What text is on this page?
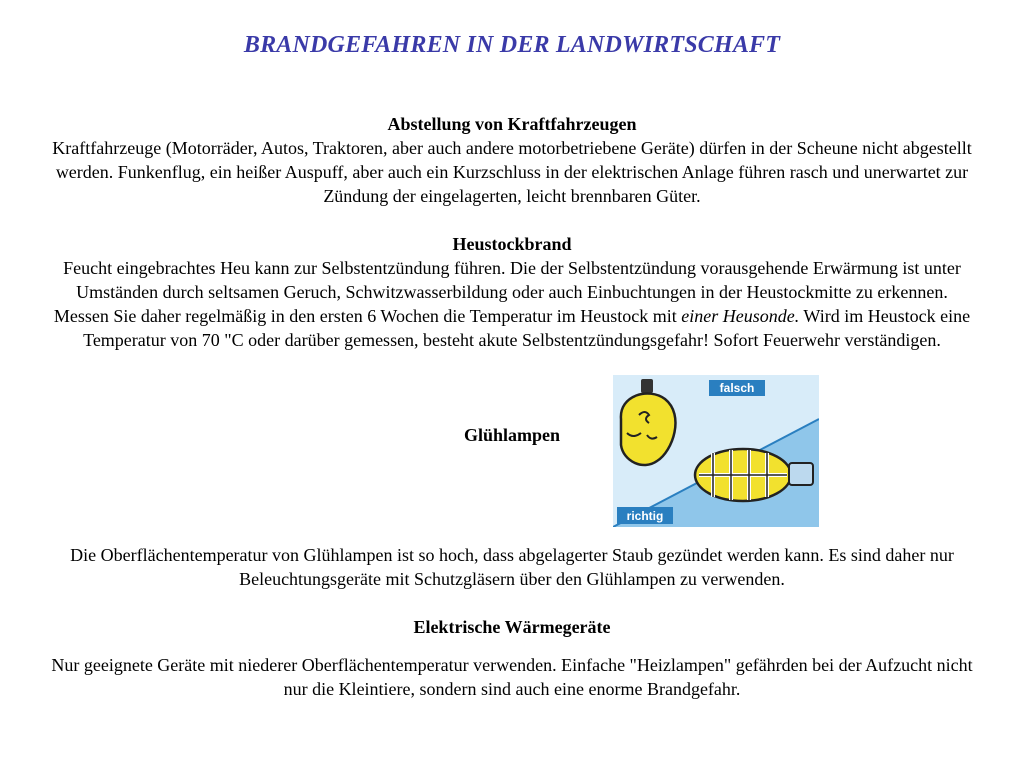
BRANDGEFAHREN IN DER LANDWIRTSCHAFT
Abstellung von Kraftfahrzeugen
Kraftfahrzeuge (Motorräder, Autos, Traktoren, aber auch andere motorbetriebene Geräte) dürfen in der Scheune nicht abgestellt werden. Funkenflug, ein heißer Auspuff, aber auch ein Kurzschluss in der elektrischen Anlage führen rasch und unerwartet zur Zündung der eingelagerten, leicht brennbaren Güter.
Heustockbrand
Feucht eingebrachtes Heu kann zur Selbstentzündung führen. Die der Selbstentzündung vorausgehende Erwärmung ist unter Umständen durch seltsamen Geruch, Schwitzwasserbildung oder auch Einbuchtungen in der Heustockmitte zu erkennen.
Messen Sie daher regelmäßig in den ersten 6 Wochen die Temperatur im Heustock mit einer Heusonde. Wird im Heustock eine Temperatur von 70 "C oder darüber gemessen, besteht akute Selbstentzündungsgefahr! Sofort Feuerwehr verständigen.
Glühlampen
falsch
richtig
Die Oberflächentemperatur von Glühlampen ist so hoch, dass abgelagerter Staub gezündet werden kann. Es sind daher nur Beleuchtungsgeräte mit Schutzgläsern über den Glühlampen zu verwenden.
Elektrische Wärmegeräte
Nur geeignete Geräte mit niederer Oberflächentemperatur verwenden. Einfache "Heizlampen" gefährden bei der Aufzucht nicht nur die Kleintiere, sondern sind auch eine enorme Brandgefahr.
